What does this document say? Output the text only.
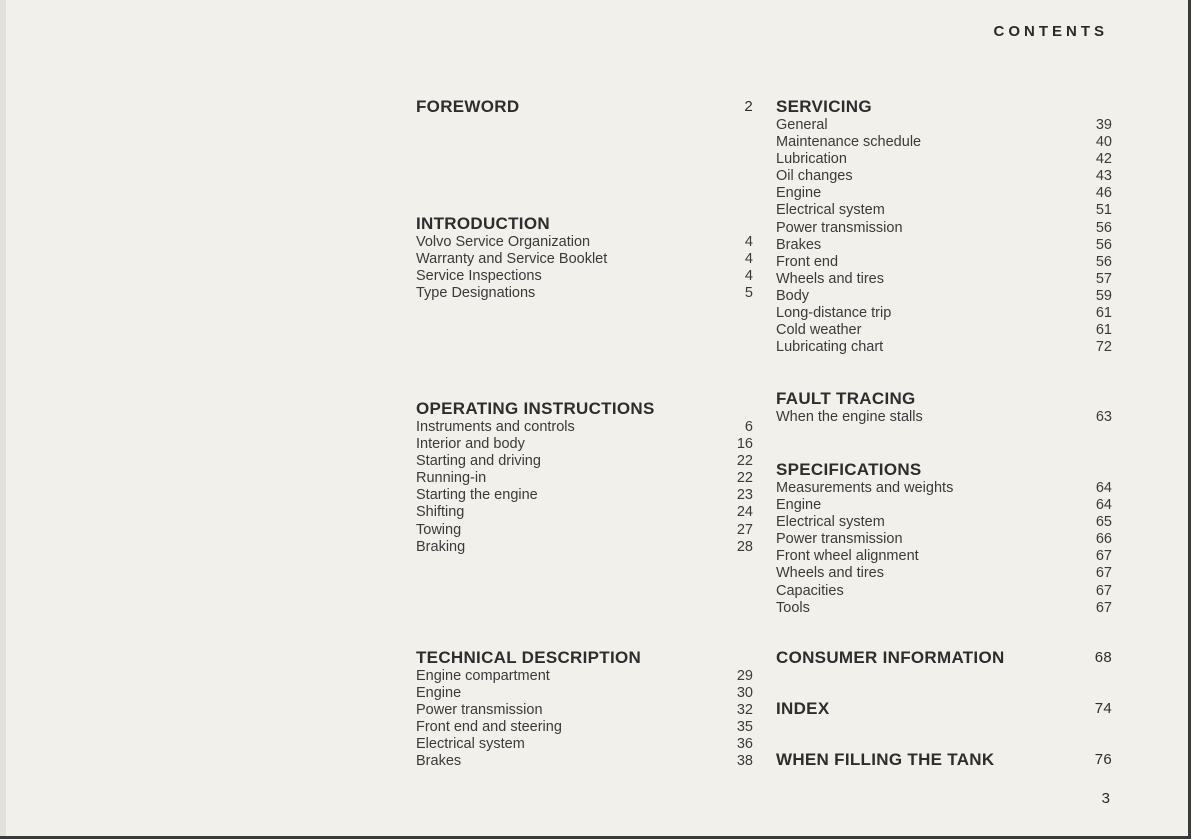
CONTENTS
FOREWORD	2
INTRODUCTION
Volvo Service Organization	4
Warranty and Service Booklet	4
Service Inspections	4
Type Designations	5
OPERATING INSTRUCTIONS
Instruments and controls	6
Interior and body	16
Starting and driving	22
Running-in	22
Starting the engine	23
Shifting	24
Towing	27
Braking	28
TECHNICAL DESCRIPTION
Engine compartment	29
Engine	30
Power transmission	32
Front end and steering	35
Electrical system	36
Brakes	38
SERVICING
General	39
Maintenance schedule	40
Lubrication	42
Oil changes	43
Engine	46
Electrical system	51
Power transmission	56
Brakes	56
Front end	56
Wheels and tires	57
Body	59
Long-distance trip	61
Cold weather	61
Lubricating chart	72
FAULT TRACING
When the engine stalls	63
SPECIFICATIONS
Measurements and weights	64
Engine	64
Electrical system	65
Power transmission	66
Front wheel alignment	67
Wheels and tires	67
Capacities	67
Tools	67
CONSUMER INFORMATION	68
INDEX	74
WHEN FILLING THE TANK	76
3
